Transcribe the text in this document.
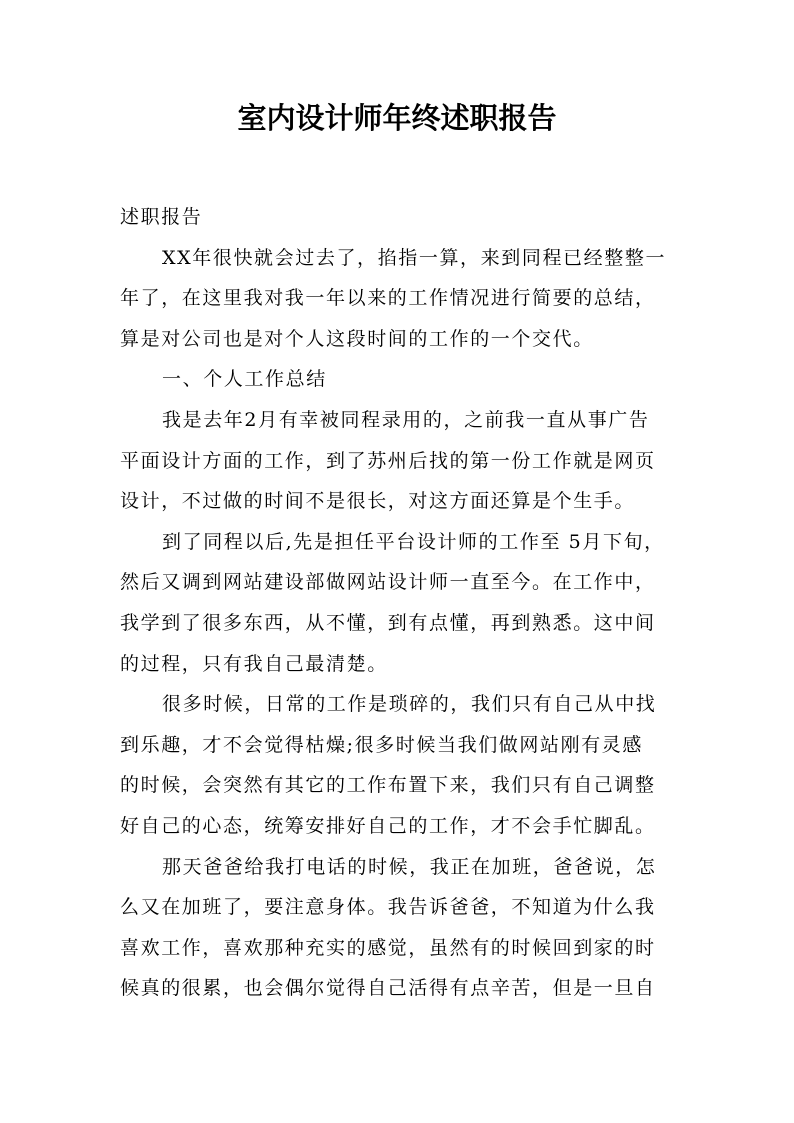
室内设计师年终述职报告
述职报告
XX年很快就会过去了，掐指一算，来到同程已经整整一
年了，在这里我对我一年以来的工作情况进行简要的总结，
算是对公司也是对个人这段时间的工作的一个交代。
一、个人工作总结
我是去年2月有幸被同程录用的，之前我一直从事广告
平面设计方面的工作，到了苏州后找的第一份工作就是网页
设计，不过做的时间不是很长，对这方面还算是个生手。
到了同程以后,先是担任平台设计师的工作至 5月下旬，
然后又调到网站建设部做网站设计师一直至今。在工作中，
我学到了很多东西，从不懂，到有点懂，再到熟悉。这中间
的过程，只有我自己最清楚。
很多时候，日常的工作是琐碎的，我们只有自己从中找
到乐趣，才不会觉得枯燥;很多时候当我们做网站刚有灵感
的时候，会突然有其它的工作布置下来，我们只有自己调整
好自己的心态，统筹安排好自己的工作，才不会手忙脚乱。
那天爸爸给我打电话的时候，我正在加班，爸爸说，怎
么又在加班了，要注意身体。我告诉爸爸，不知道为什么我
喜欢工作，喜欢那种充实的感觉，虽然有的时候回到家的时
候真的很累，也会偶尔觉得自己活得有点辛苦，但是一旦自
